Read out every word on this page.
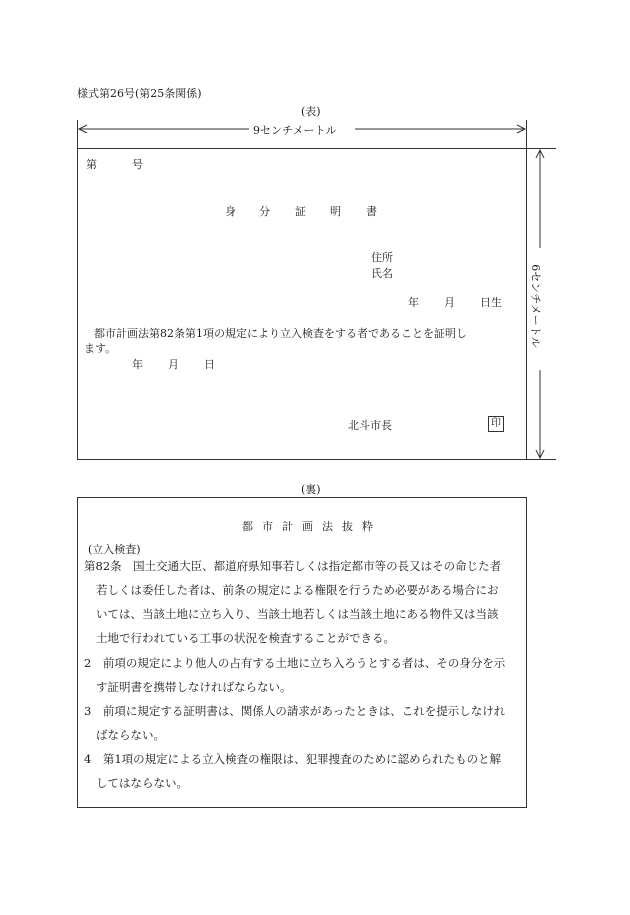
様式第26号(第25条関係)
(表)
9センチメートル
第	号
身 分 証 明 書
住所
氏名
年 月 日生
都市計画法第82条第1項の規定により立入検査をする者であることを証明し
ます。
年 月 日
北斗市長	印
6センチメートル
(裏)
都 市 計 画 法 抜 粋
(立入検査)
第82条　国土交通大臣、都道府県知事若しくは指定都市等の長又はその命じた者
若しくは委任した者は、前条の規定による権限を行うため必要がある場合にお
いては、当該土地に立ち入り、当該土地若しくは当該土地にある物件又は当該
土地で行われている工事の状況を検査することができる。
2　前項の規定により他人の占有する土地に立ち入ろうとする者は、その身分を示
す証明書を携帯しなければならない。
3　前項に規定する証明書は、関係人の請求があったときは、これを提示しなけれ
ばならない。
4　第1項の規定による立入検査の権限は、犯罪捜査のために認められたものと解
してはならない。
